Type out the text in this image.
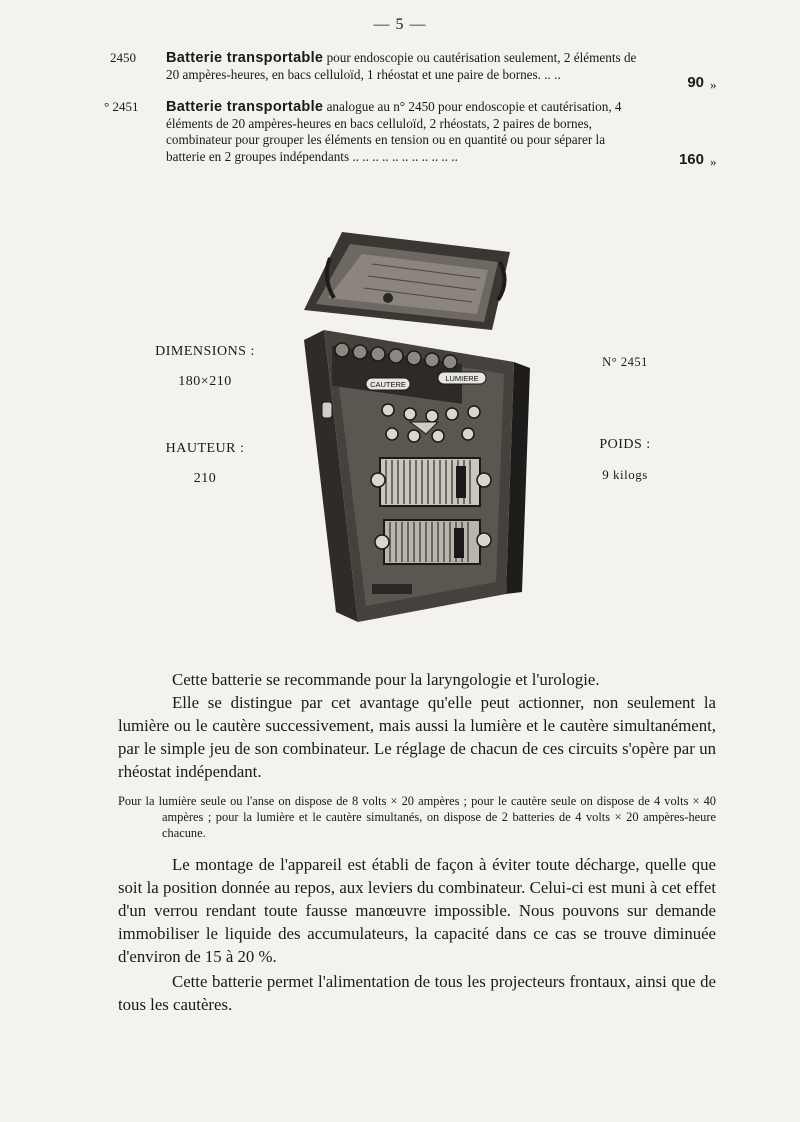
— 5 —
2450	Batterie transportable pour endoscopie ou cautérisation seulement, 2 éléments de 20 ampères-heures, en bacs celluloïd, 1 rhéostat et une paire de bornes. .. ..	90 »
° 2451	Batterie transportable analogue au n° 2450 pour endoscopie et cautérisation, 4 éléments de 20 ampères-heures en bacs celluloïd, 2 rhéostats, 2 paires de bornes, combinateur pour grouper les éléments en tension ou en quantité ou pour séparer la batterie en 2 groupes indépendants .. .. .. .. .. .. .. .. .. .. ..	160 »
DIMENSIONS :
180×210
HAUTEUR :
210
N° 2451
POIDS :
9 kilogs
CAUTERE
LUMIERE

Cette batterie se recommande pour la laryngologie et l'urologie.

Elle se distingue par cet avantage qu'elle peut actionner, non seulement la lumière ou le cautère successivement, mais aussi la lumière et le cautère simultanément, par le simple jeu de son combinateur. Le réglage de chacun de ces circuits s'opère par un rhéostat indépendant.

Pour la lumière seule ou l'anse on dispose de 8 volts × 20 ampères ; pour le cautère seule on dispose de 4 volts × 40 ampères ; pour la lumière et le cautère simultanés, on dispose de 2 batteries de 4 volts × 20 ampères-heure chacune.

Le montage de l'appareil est établi de façon à éviter toute décharge, quelle que soit la position donnée au repos, aux leviers du combinateur. Celui-ci est muni à cet effet d'un verrou rendant toute fausse manœuvre impossible. Nous pouvons sur demande immobiliser le liquide des accumulateurs, la capacité dans ce cas se trouve diminuée d'environ de 15 à 20 %.

Cette batterie permet l'alimentation de tous les projecteurs frontaux, ainsi que de tous les cautères.
